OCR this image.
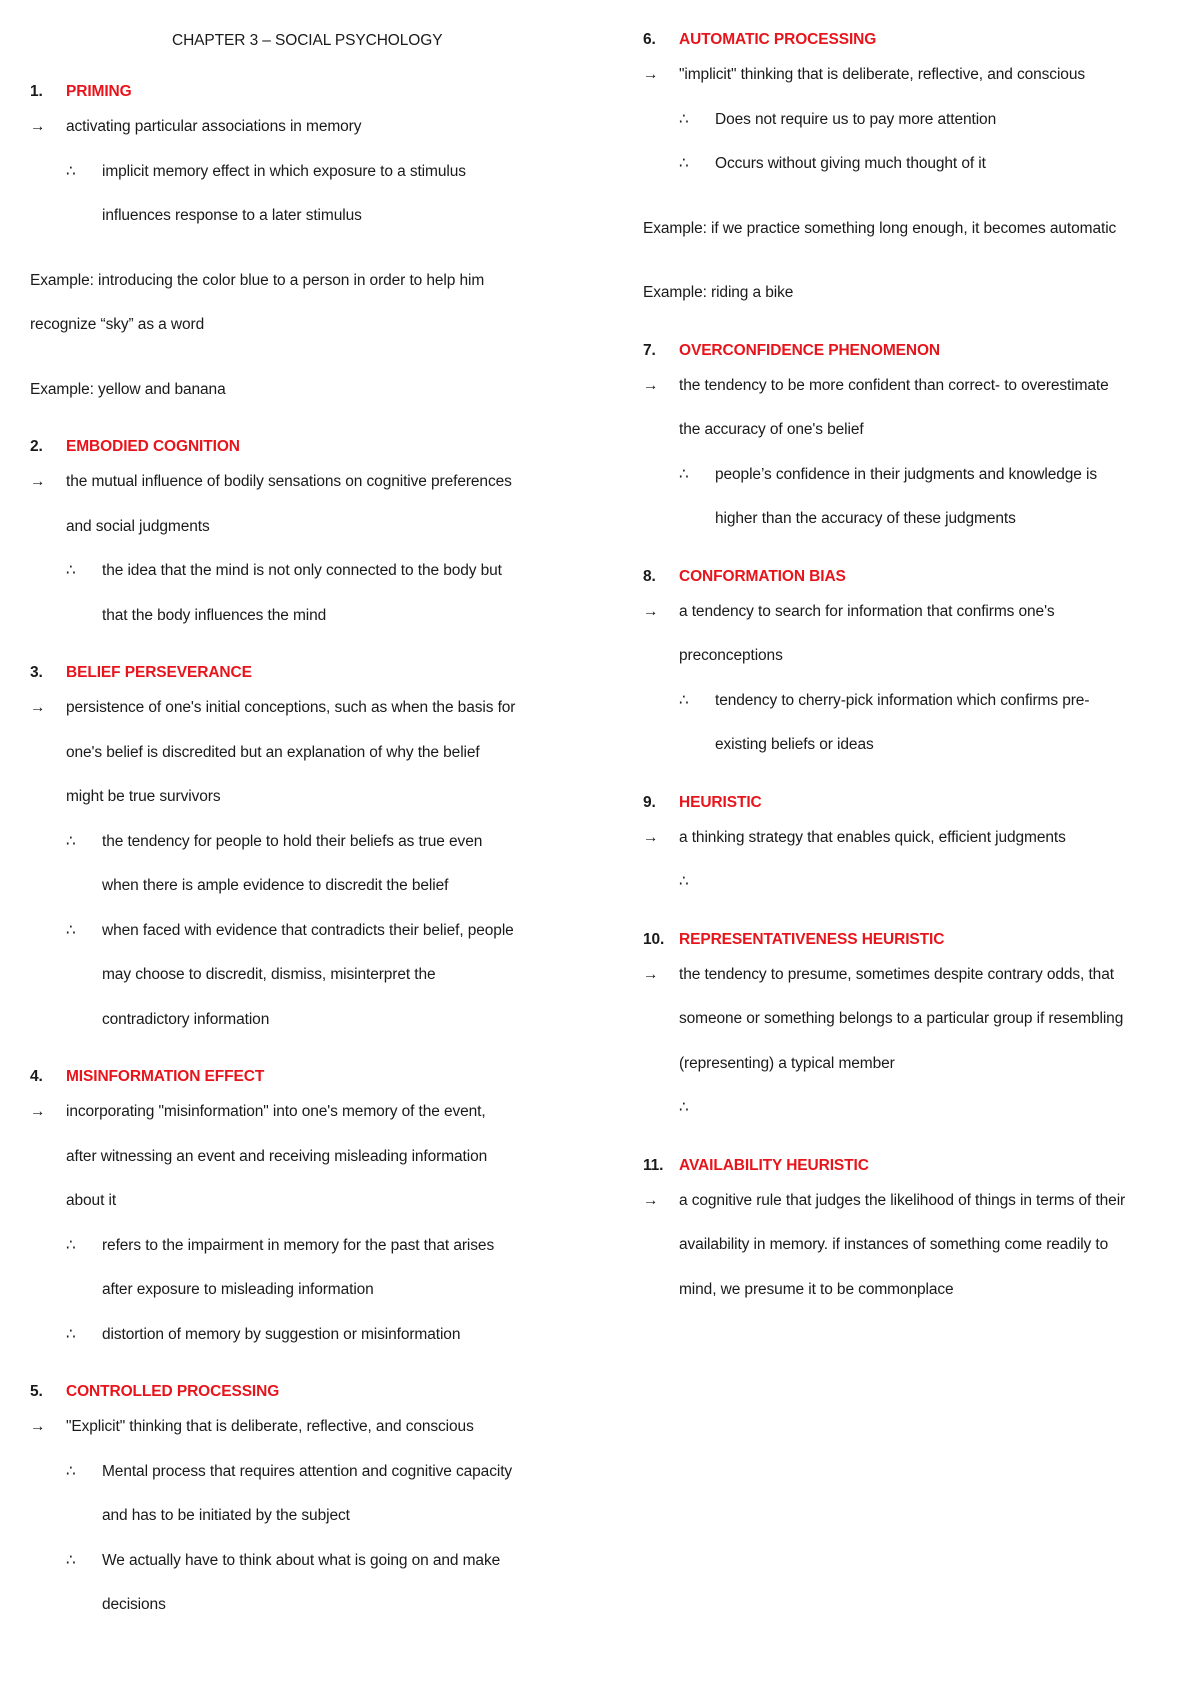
CHAPTER 3 – SOCIAL PSYCHOLOGY
1.	PRIMING
→	activating particular associations in memory
∴	implicit memory effect in which exposure to a stimulus
influences response to a later stimulus
Example: introducing the color blue to a person in order to help him
recognize “sky” as a word
Example: yellow and banana
2.	EMBODIED COGNITION
→	the mutual influence of bodily sensations on cognitive preferences
and social judgments
∴	the idea that the mind is not only connected to the body but
that the body influences the mind
3.	BELIEF PERSEVERANCE
→	persistence of one's initial conceptions, such as when the basis for
one's belief is discredited but an explanation of why the belief
might be true survivors
∴	the tendency for people to hold their beliefs as true even
when there is ample evidence to discredit the belief
∴	when faced with evidence that contradicts their belief, people
may choose to discredit, dismiss, misinterpret the
contradictory information
4.	MISINFORMATION EFFECT
→	incorporating "misinformation" into one's memory of the event,
after witnessing an event and receiving misleading information
about it
∴	refers to the impairment in memory for the past that arises
after exposure to misleading information
∴	distortion of memory by suggestion or misinformation
5.	CONTROLLED PROCESSING
→	"Explicit" thinking that is deliberate, reflective, and conscious
∴	Mental process that requires attention and cognitive capacity
and has to be initiated by the subject
∴	We actually have to think about what is going on and make
decisions
6.	AUTOMATIC PROCESSING
→	"implicit" thinking that is deliberate, reflective, and conscious
∴	Does not require us to pay more attention
∴	Occurs without giving much thought of it
Example: if we practice something long enough, it becomes automatic
Example: riding a bike
7.	OVERCONFIDENCE PHENOMENON
→	the tendency to be more confident than correct- to overestimate
the accuracy of one's belief
∴	people’s confidence in their judgments and knowledge is
higher than the accuracy of these judgments
8.	CONFORMATION BIAS
→	a tendency to search for information that confirms one's
preconceptions
∴	tendency to cherry-pick information which confirms pre-
existing beliefs or ideas
9.	HEURISTIC
→	a thinking strategy that enables quick, efficient judgments
∴
10. REPRESENTATIVENESS HEURISTIC
→	the tendency to presume, sometimes despite contrary odds, that
someone or something belongs to a particular group if resembling
(representing) a typical member
∴
11.	AVAILABILITY HEURISTIC
→	a cognitive rule that judges the likelihood of things in terms of their
availability in memory. if instances of something come readily to
mind, we presume it to be commonplace
